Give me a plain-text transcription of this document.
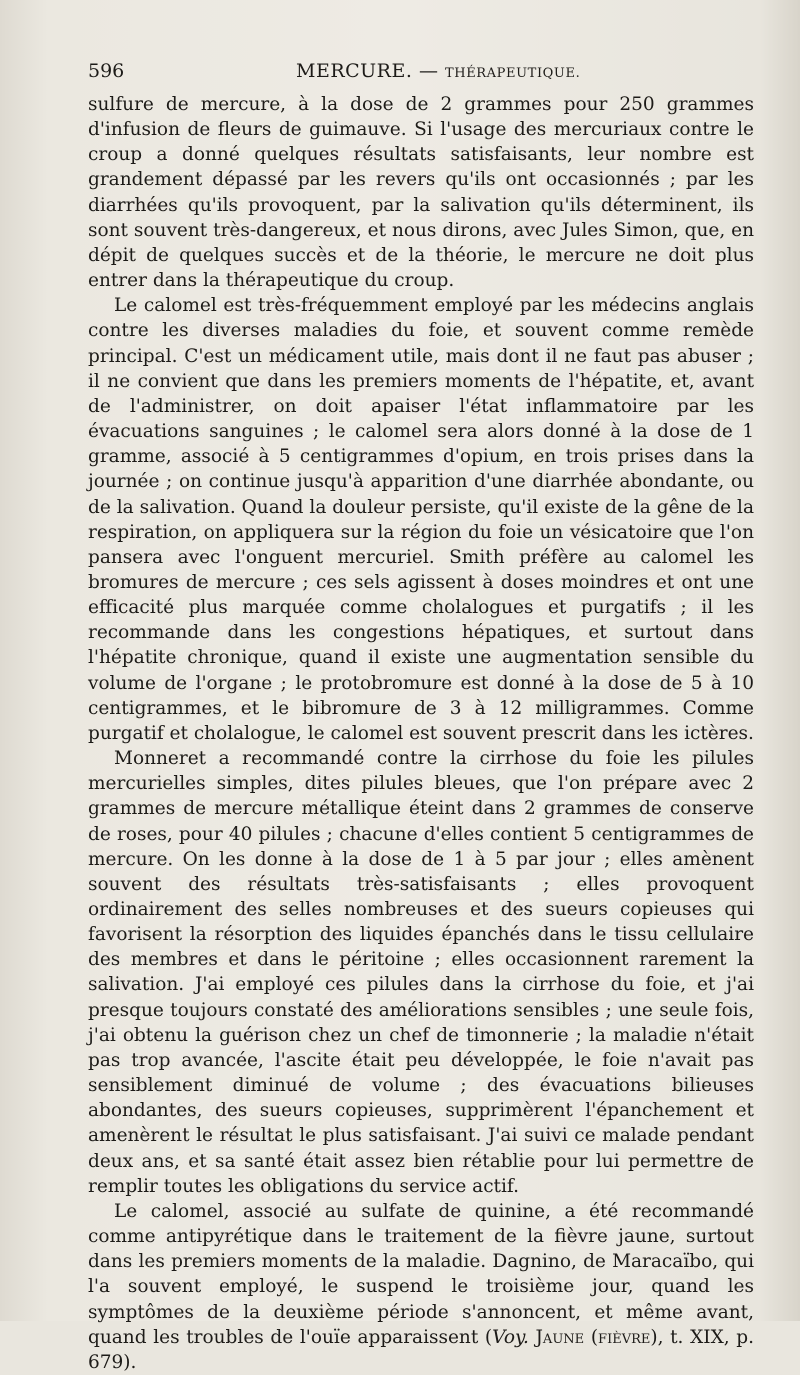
596	MERCURE. — THÉRAPEUTIQUE.

sulfure de mercure, à la dose de 2 grammes pour 250 grammes d'infusion de fleurs de guimauve. Si l'usage des mercuriaux contre le croup a donné quelques résultats satisfaisants, leur nombre est grandement dépassé par les revers qu'ils ont occasionnés ; par les diarrhées qu'ils provoquent, par la salivation qu'ils déterminent, ils sont souvent très-dangereux, et nous dirons, avec Jules Simon, que, en dépit de quelques succès et de la théorie, le mercure ne doit plus entrer dans la thérapeutique du croup.

Le calomel est très-fréquemment employé par les médecins anglais contre les diverses maladies du foie, et souvent comme remède principal. C'est un médicament utile, mais dont il ne faut pas abuser ; il ne convient que dans les premiers moments de l'hépatite, et, avant de l'administrer, on doit apaiser l'état inflammatoire par les évacuations sanguines ; le calomel sera alors donné à la dose de 1 gramme, associé à 5 centigrammes d'opium, en trois prises dans la journée ; on continue jusqu'à apparition d'une diarrhée abondante, ou de la salivation. Quand la douleur persiste, qu'il existe de la gêne de la respiration, on appliquera sur la région du foie un vésicatoire que l'on pansera avec l'onguent mercuriel. Smith préfère au calomel les bromures de mercure ; ces sels agissent à doses moindres et ont une efficacité plus marquée comme cholalogues et purgatifs ; il les recommande dans les congestions hépatiques, et surtout dans l'hépatite chronique, quand il existe une augmentation sensible du volume de l'organe ; le protobromure est donné à la dose de 5 à 10 centigrammes, et le bibromure de 3 à 12 milligrammes. Comme purgatif et cholalogue, le calomel est souvent prescrit dans les ictères.

Monneret a recommandé contre la cirrhose du foie les pilules mercurielles simples, dites pilules bleues, que l'on prépare avec 2 grammes de mercure métallique éteint dans 2 grammes de conserve de roses, pour 40 pilules ; chacune d'elles contient 5 centigrammes de mercure. On les donne à la dose de 1 à 5 par jour ; elles amènent souvent des résultats très-satisfaisants ; elles provoquent ordinairement des selles nombreuses et des sueurs copieuses qui favorisent la résorption des liquides épanchés dans le tissu cellulaire des membres et dans le péritoine ; elles occasionnent rarement la salivation. J'ai employé ces pilules dans la cirrhose du foie, et j'ai presque toujours constaté des améliorations sensibles ; une seule fois, j'ai obtenu la guérison chez un chef de timonnerie ; la maladie n'était pas trop avancée, l'ascite était peu développée, le foie n'avait pas sensiblement diminué de volume ; des évacuations bilieuses abondantes, des sueurs copieuses, supprimèrent l'épanchement et amenèrent le résultat le plus satisfaisant. J'ai suivi ce malade pendant deux ans, et sa santé était assez bien rétablie pour lui permettre de remplir toutes les obligations du service actif.

Le calomel, associé au sulfate de quinine, a été recommandé comme antipyrétique dans le traitement de la fièvre jaune, surtout dans les premiers moments de la maladie. Dagnino, de Maracaïbo, qui l'a souvent employé, le suspend le troisième jour, quand les symptômes de la deuxième période s'annoncent, et même avant, quand les troubles de l'ouïe apparaissent (Voy. Jaune (fièvre), t. XIX, p. 679).
